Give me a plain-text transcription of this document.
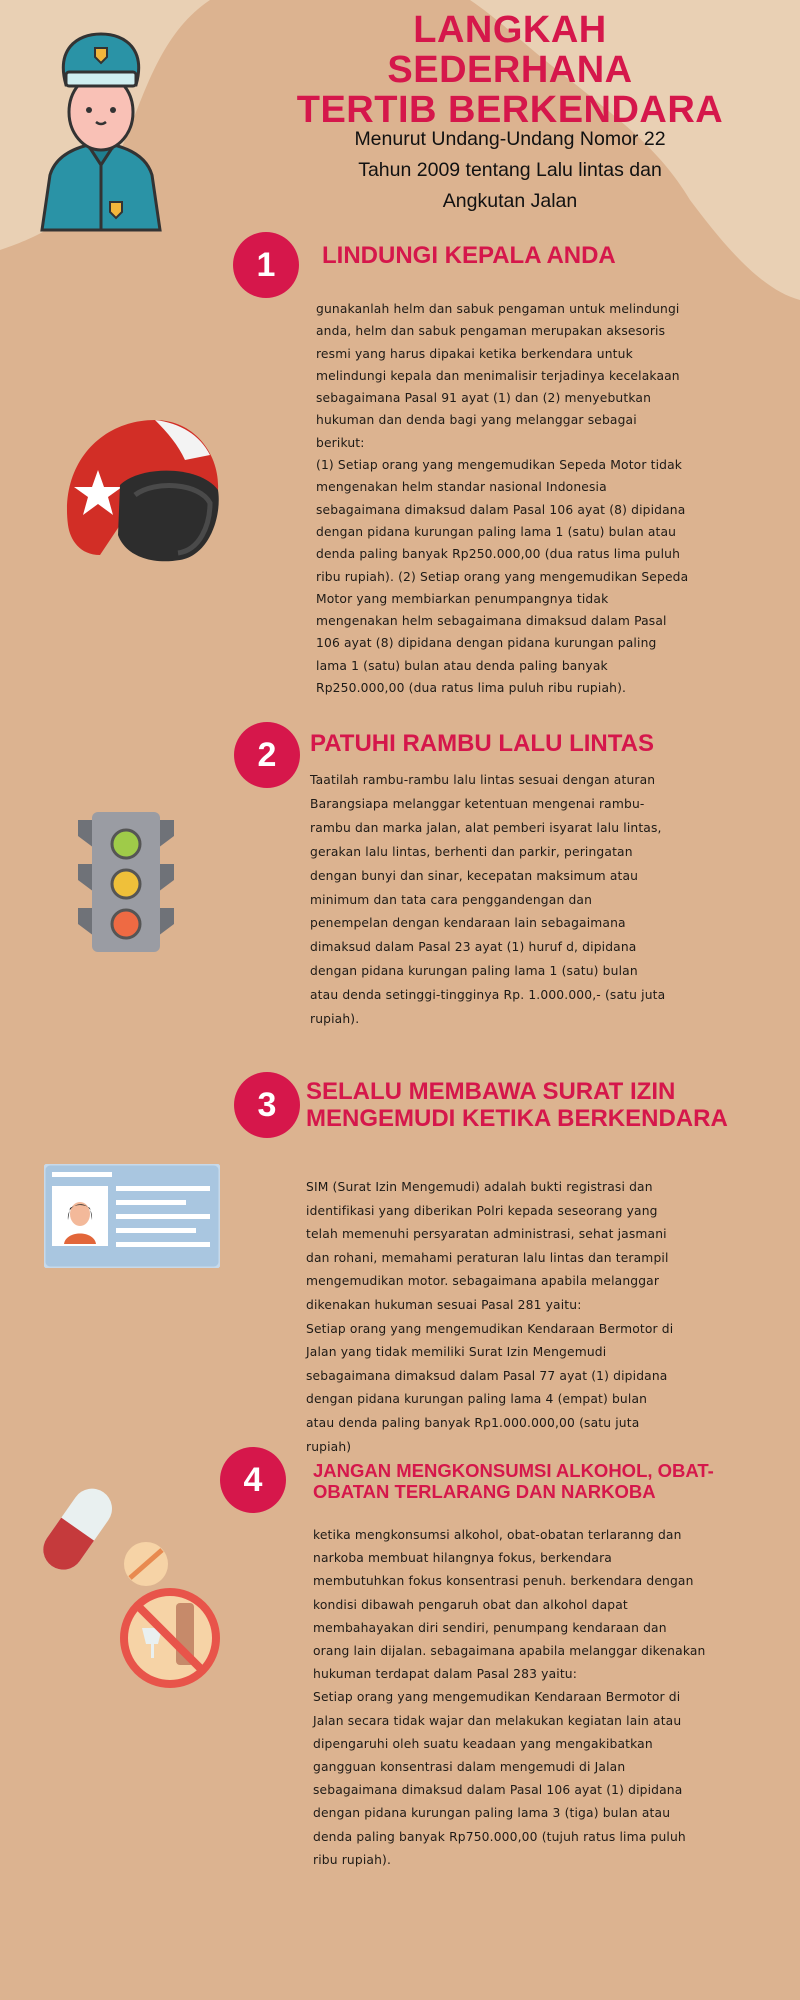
LANGKAH SEDERHANA
TERTIB BERKENDARA
Menurut Undang-Undang Nomor 22
Tahun 2009 tentang Lalu lintas dan
Angkutan Jalan
1	LINDUNGI KEPALA ANDA
gunakanlah helm dan sabuk pengaman untuk melindungi
anda, helm dan sabuk pengaman merupakan aksesoris
resmi yang harus dipakai ketika berkendara untuk
melindungi kepala dan menimalisir terjadinya kecelakaan
sebagaimana Pasal 91 ayat (1) dan (2) menyebutkan
hukuman dan denda bagi yang melanggar sebagai
berikut:
(1) Setiap orang yang mengemudikan Sepeda Motor tidak
mengenakan helm standar nasional Indonesia
sebagaimana dimaksud dalam Pasal 106 ayat (8) dipidana
dengan pidana kurungan paling lama 1 (satu) bulan atau
denda paling banyak Rp250.000,00 (dua ratus lima puluh
ribu rupiah). (2) Setiap orang yang mengemudikan Sepeda
Motor yang membiarkan penumpangnya tidak
mengenakan helm sebagaimana dimaksud dalam Pasal
106 ayat (8) dipidana dengan pidana kurungan paling
lama 1 (satu) bulan atau denda paling banyak
Rp250.000,00 (dua ratus lima puluh ribu rupiah).
2	PATUHI RAMBU LALU LINTAS
Taatilah rambu-rambu lalu lintas sesuai dengan aturan
Barangsiapa melanggar ketentuan mengenai rambu-
rambu dan marka jalan, alat pemberi isyarat lalu lintas,
gerakan lalu lintas, berhenti dan parkir, peringatan
dengan bunyi dan sinar, kecepatan maksimum atau
minimum dan tata cara penggandengan dan
penempelan dengan kendaraan lain sebagaimana
dimaksud dalam Pasal 23 ayat (1) huruf d, dipidana
dengan pidana kurungan paling lama 1 (satu) bulan
atau denda setinggi-tingginya Rp. 1.000.000,- (satu juta
rupiah).
3	SELALU MEMBAWA SURAT IZIN
MENGEMUDI KETIKA BERKENDARA
SIM (Surat Izin Mengemudi) adalah bukti registrasi dan
identifikasi yang diberikan Polri kepada seseorang yang
telah memenuhi persyaratan administrasi, sehat jasmani
dan rohani, memahami peraturan lalu lintas dan terampil
mengemudikan motor. sebagaimana apabila melanggar
dikenakan hukuman sesuai Pasal 281 yaitu:
Setiap orang yang mengemudikan Kendaraan Bermotor di
Jalan yang tidak memiliki Surat Izin Mengemudi
sebagaimana dimaksud dalam Pasal 77 ayat (1) dipidana
dengan pidana kurungan paling lama 4 (empat) bulan
atau denda paling banyak Rp1.000.000,00 (satu juta
rupiah)
4	JANGAN MENGKONSUMSI ALKOHOL, OBAT-
OBATAN TERLARANG DAN NARKOBA
ketika mengkonsumsi alkohol, obat-obatan terlaranng dan
narkoba membuat hilangnya fokus, berkendara
membutuhkan fokus konsentrasi penuh. berkendara dengan
kondisi dibawah pengaruh obat dan alkohol dapat
membahayakan diri sendiri, penumpang kendaraan dan
orang lain dijalan. sebagaimana apabila melanggar dikenakan
hukuman terdapat dalam Pasal 283 yaitu:
Setiap orang yang mengemudikan Kendaraan Bermotor di
Jalan secara tidak wajar dan melakukan kegiatan lain atau
dipengaruhi oleh suatu keadaan yang mengakibatkan
gangguan konsentrasi dalam mengemudi di Jalan
sebagaimana dimaksud dalam Pasal 106 ayat (1) dipidana
dengan pidana kurungan paling lama 3 (tiga) bulan atau
denda paling banyak Rp750.000,00 (tujuh ratus lima puluh
ribu rupiah).
